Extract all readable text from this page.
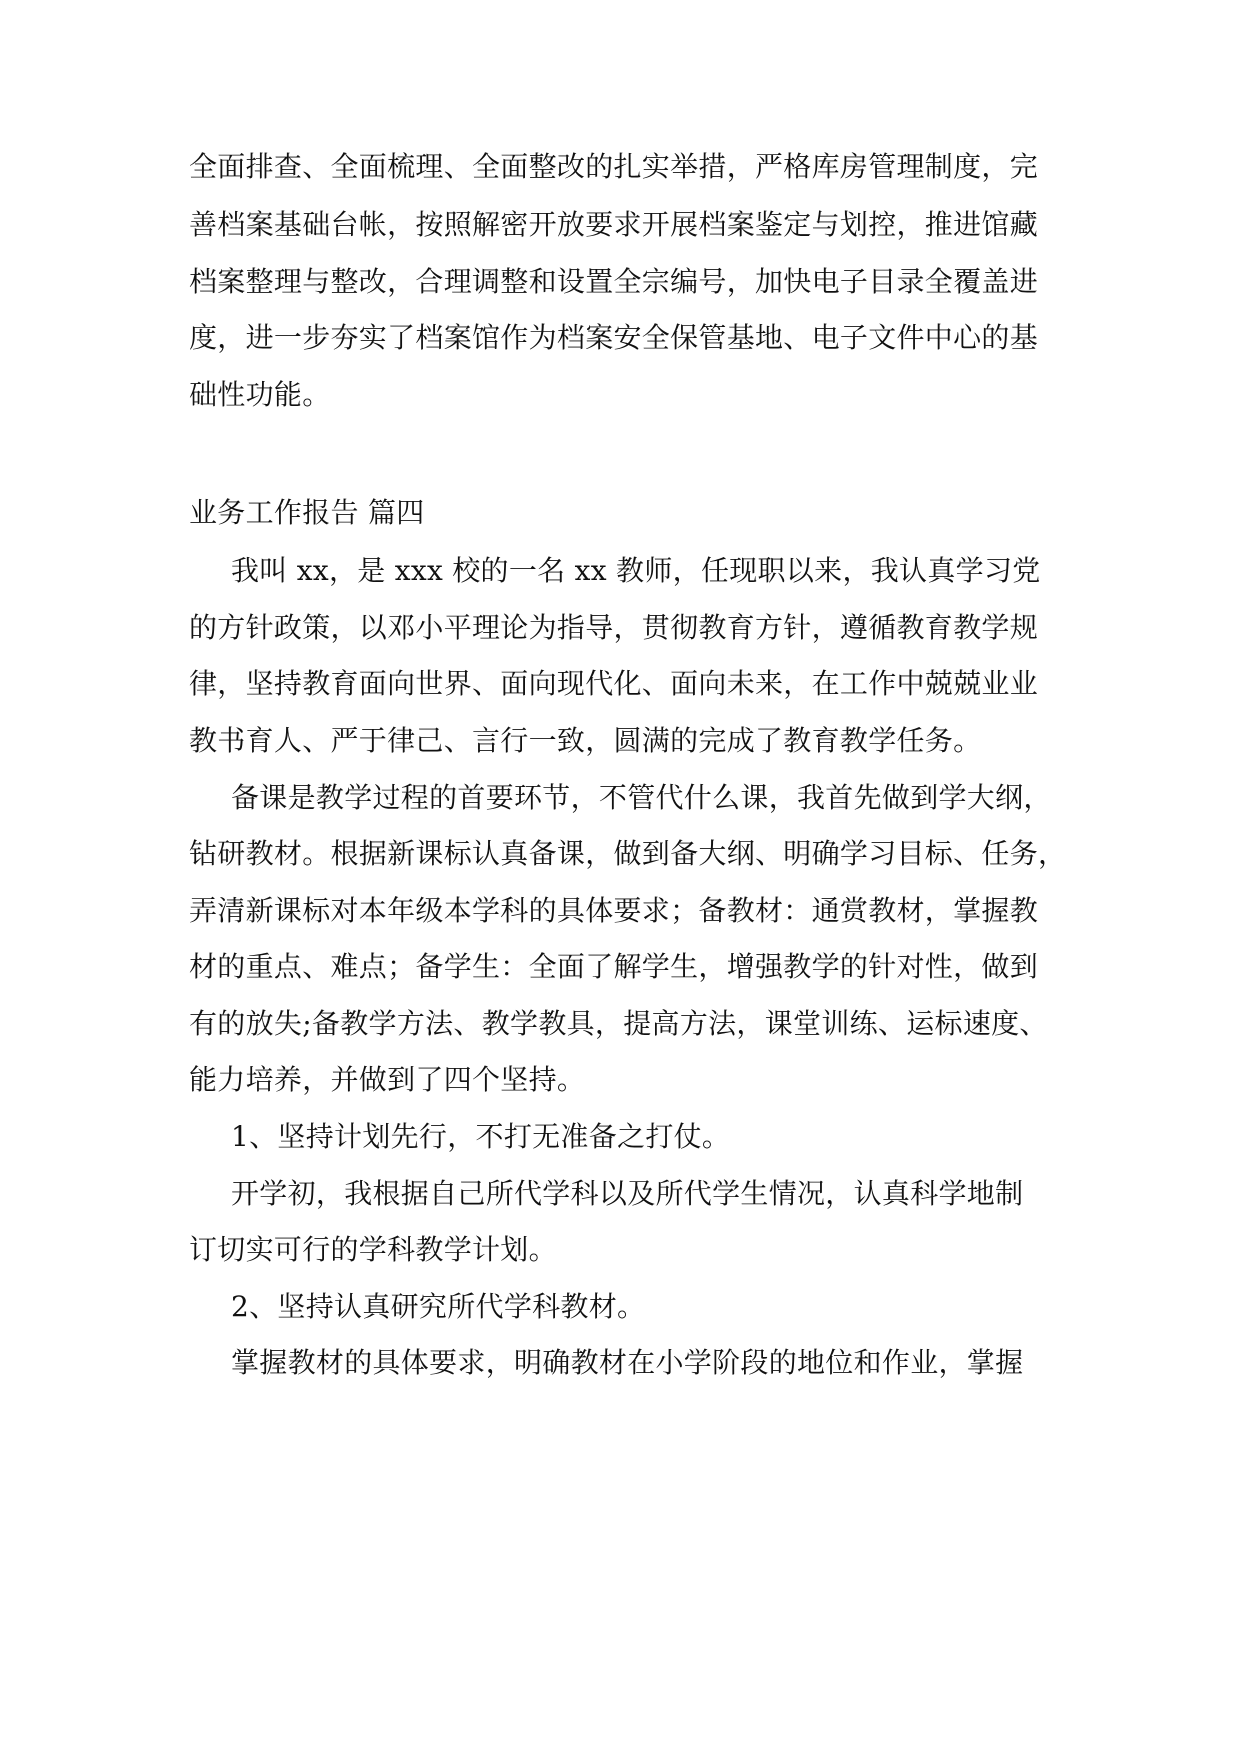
全面排查、全面梳理、全面整改的扎实举措，严格库房管理制度，完
善档案基础台帐，按照解密开放要求开展档案鉴定与划控，推进馆藏
档案整理与整改，合理调整和设置全宗编号，加快电子目录全覆盖进
度，进一步夯实了档案馆作为档案安全保管基地、电子文件中心的基
础性功能。
业务工作报告 篇四
我叫 xx，是 xxx 校的一名 xx 教师，任现职以来，我认真学习党
的方针政策，以邓小平理论为指导，贯彻教育方针，遵循教育教学规
律，坚持教育面向世界、面向现代化、面向未来，在工作中兢兢业业
教书育人、严于律己、言行一致，圆满的完成了教育教学任务。
备课是教学过程的首要环节，不管代什么课，我首先做到学大纲，
钻研教材。根据新课标认真备课，做到备大纲、明确学习目标、任务，
弄清新课标对本年级本学科的具体要求；备教材：通赏教材，掌握教
材的重点、难点；备学生：全面了解学生，增强教学的针对性，做到
有的放失;备教学方法、教学教具，提高方法，课堂训练、运标速度、
能力培养，并做到了四个坚持。
1、坚持计划先行，不打无准备之打仗。
开学初，我根据自己所代学科以及所代学生情况，认真科学地制
订切实可行的学科教学计划。
2、坚持认真研究所代学科教材。
掌握教材的具体要求，明确教材在小学阶段的地位和作业，掌握
